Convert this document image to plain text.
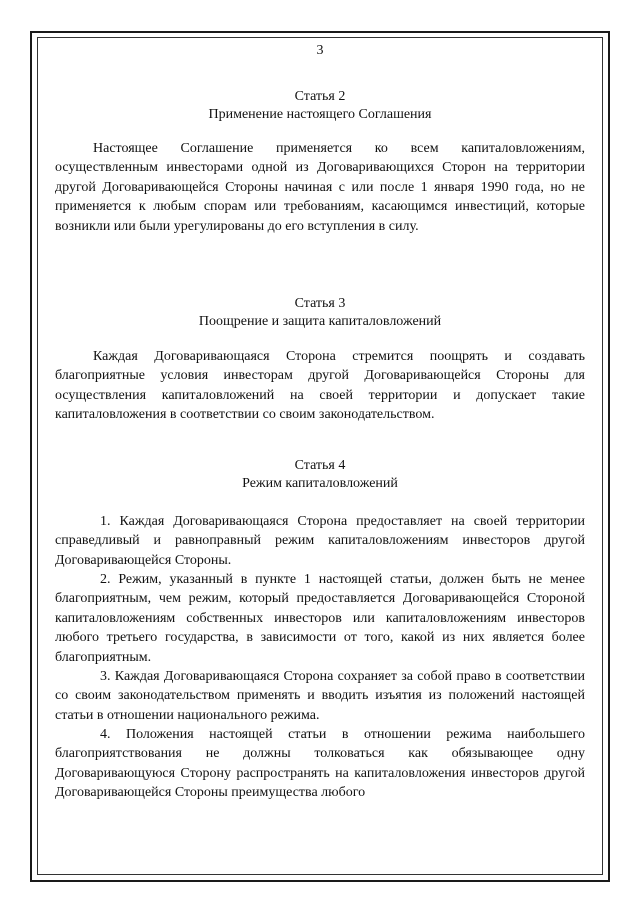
3
Статья 2
Применение настоящего Соглашения

Настоящее Соглашение применяется ко всем капиталовложениям, осуществленным инвесторами одной из Договаривающихся Сторон на территории другой Договаривающейся Стороны начиная с или после 1 января 1990 года, но не применяется к любым спорам или требованиям, касающимся инвестиций, которые возникли или были урегулированы до его вступления в силу.

Статья 3
Поощрение и защита капиталовложений

Каждая Договаривающаяся Сторона стремится поощрять и создавать благоприятные условия инвесторам другой Договаривающейся Стороны для осуществления капиталовложений на своей территории и допускает такие капиталовложения в соответствии со своим законодательством.

Статья 4
Режим капиталовложений

1. Каждая Договаривающаяся Сторона предоставляет на своей территории справедливый и равноправный режим капиталовложениям инвесторов другой Договаривающейся Стороны.

2. Режим, указанный в пункте 1 настоящей статьи, должен быть не менее благоприятным, чем режим, который предоставляется Договаривающейся Стороной капиталовложениям собственных инвесторов или капиталовложениям инвесторов любого третьего государства, в зависимости от того, какой из них является более благоприятным.

3. Каждая Договаривающаяся Сторона сохраняет за собой право в соответствии со своим законодательством применять и вводить изъятия из положений настоящей статьи в отношении национального режима.

4. Положения настоящей статьи в отношении режима наибольшего благоприятствования не должны толковаться как обязывающее одну Договаривающуюся Сторону распространять на капиталовложения инвесторов другой Договаривающейся Стороны преимущества любого
